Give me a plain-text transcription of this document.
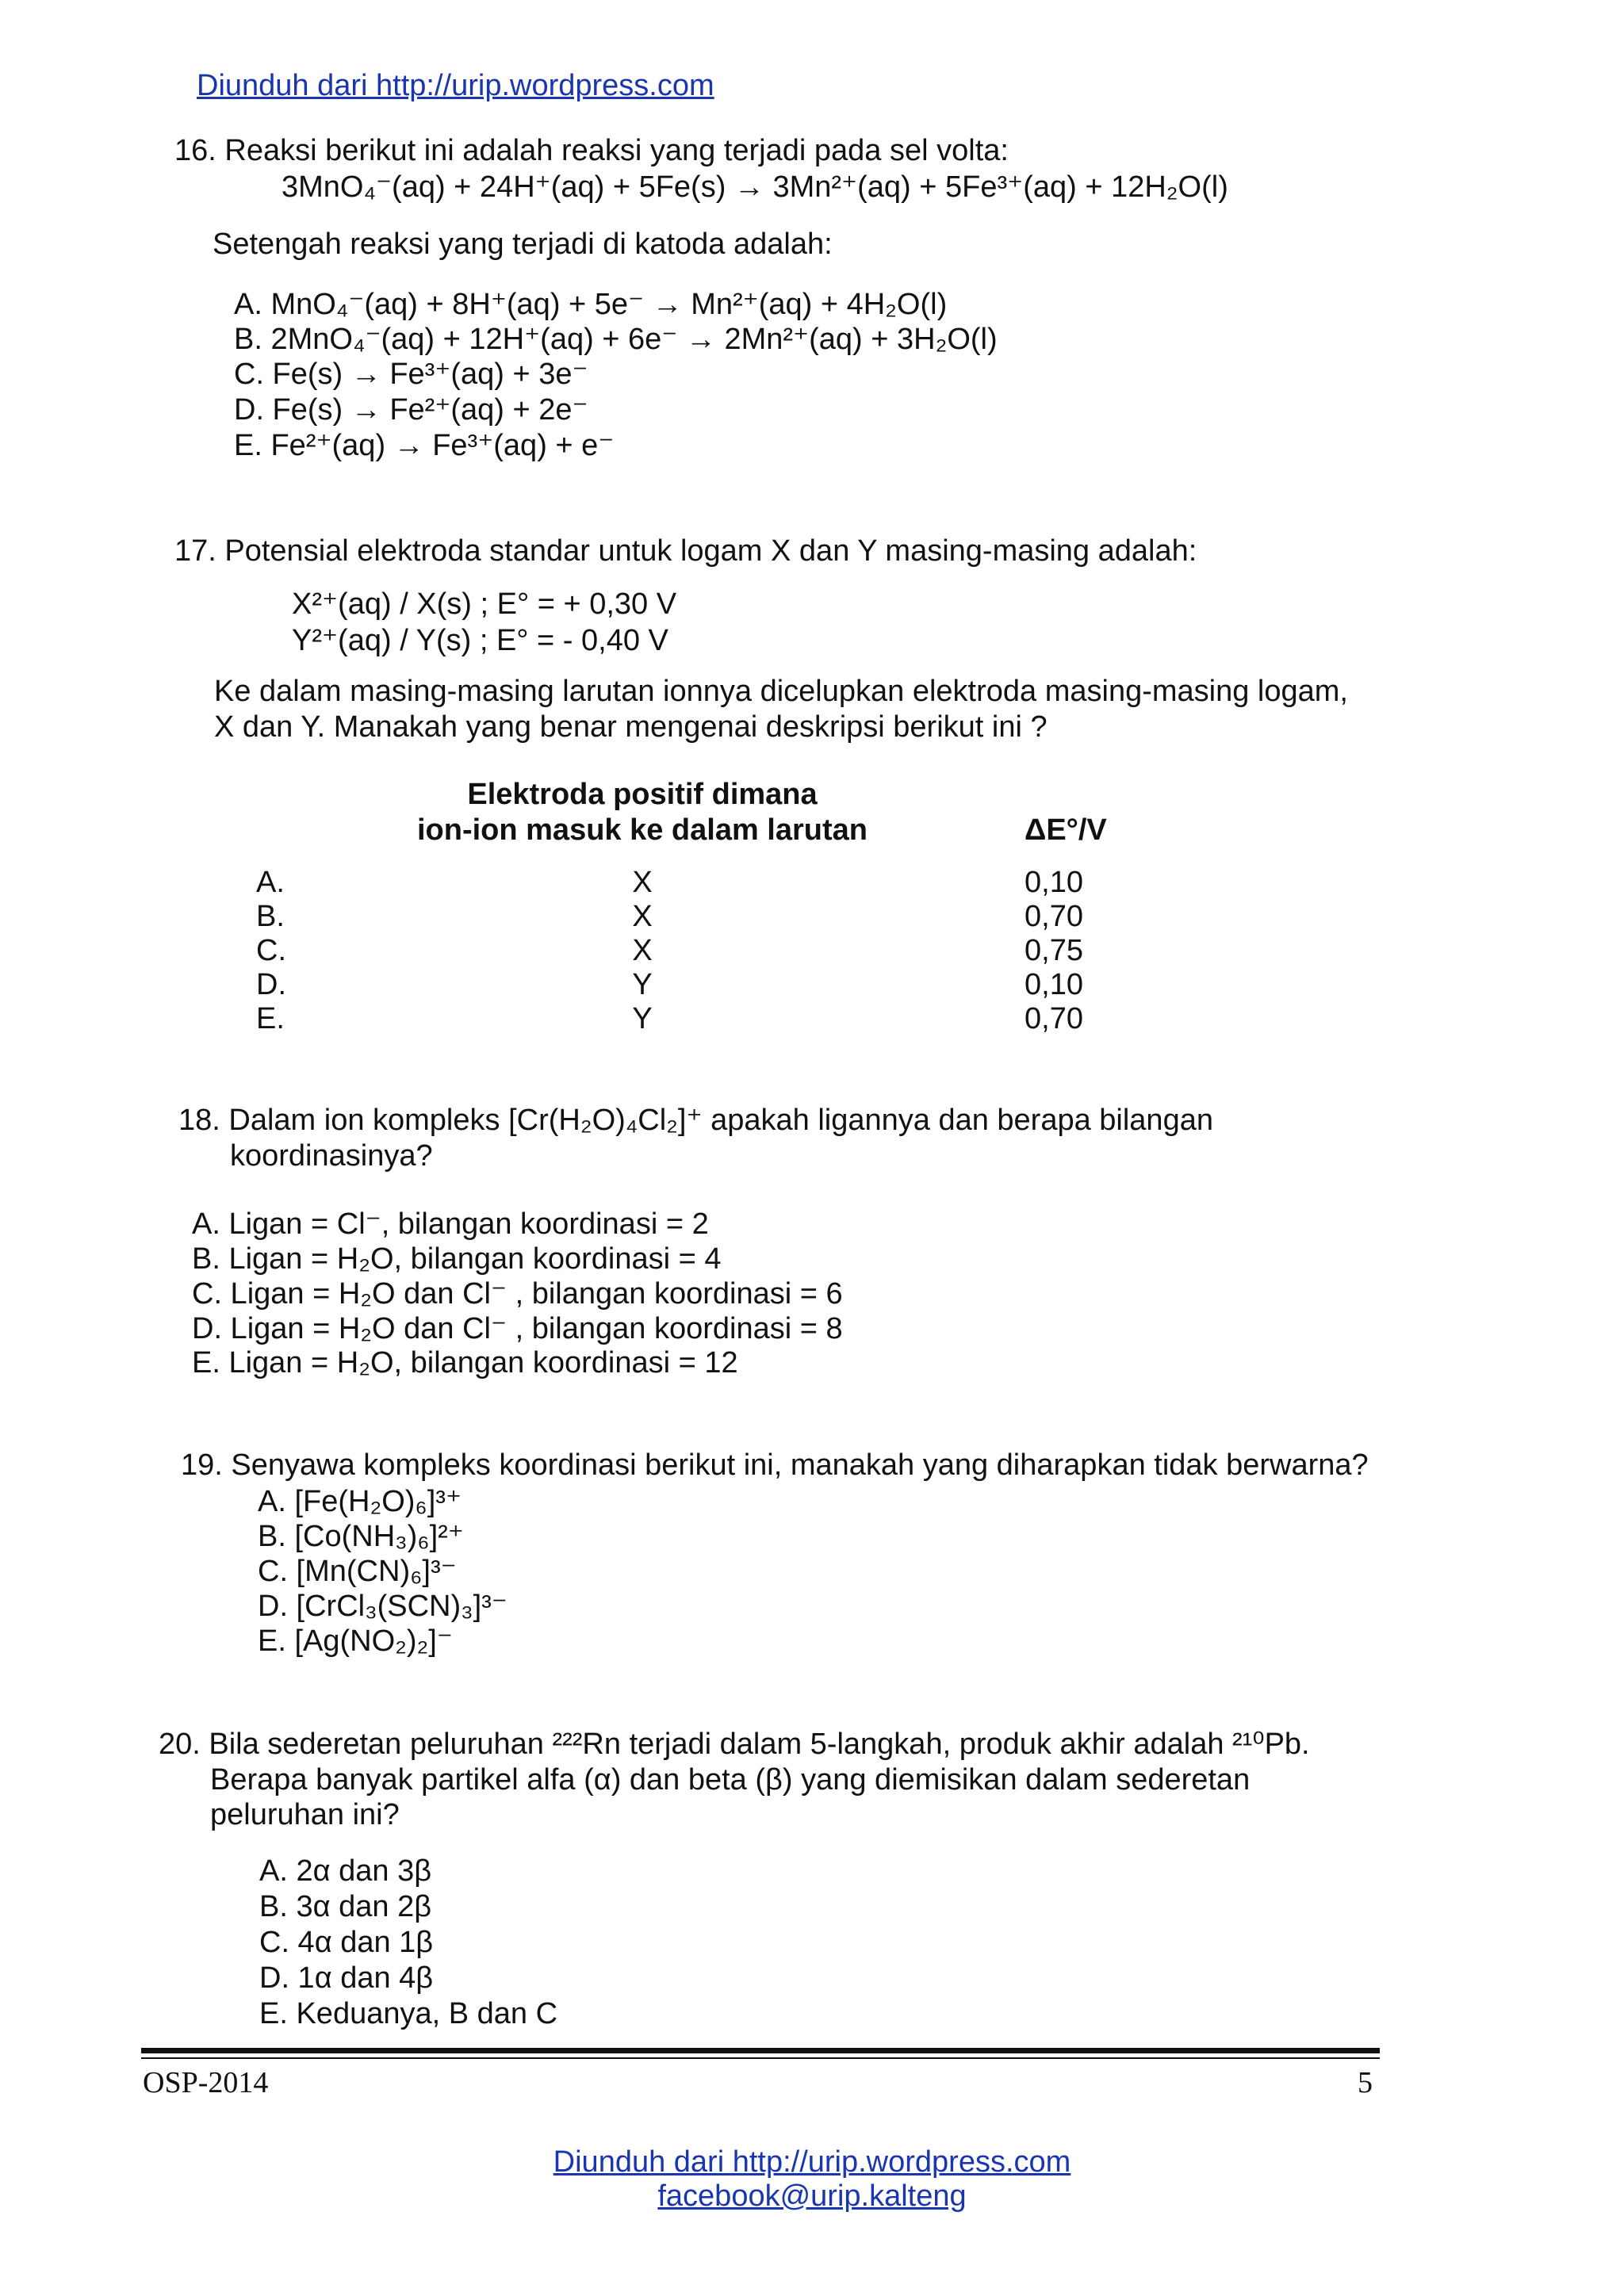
Diunduh dari http://urip.wordpress.com
16. Reaksi berikut ini adalah reaksi yang terjadi pada sel volta:
3MnO₄⁻(aq) + 24H⁺(aq) + 5Fe(s) → 3Mn²⁺(aq) + 5Fe³⁺(aq) + 12H₂O(l)
Setengah reaksi yang terjadi di katoda adalah:
A. MnO₄⁻(aq) + 8H⁺(aq) + 5e⁻ → Mn²⁺(aq) + 4H₂O(l)
B. 2MnO₄⁻(aq) + 12H⁺(aq) + 6e⁻ → 2Mn²⁺(aq) + 3H₂O(l)
C. Fe(s) → Fe³⁺(aq) + 3e⁻
D. Fe(s) → Fe²⁺(aq) + 2e⁻
E. Fe²⁺(aq) → Fe³⁺(aq) + e⁻
17. Potensial elektroda standar untuk logam X dan Y masing-masing adalah:
X²⁺(aq) / X(s) ; E° = + 0,30 V
Y²⁺(aq) / Y(s) ; E° = - 0,40 V
Ke dalam masing-masing larutan ionnya dicelupkan elektroda masing-masing logam,
X dan Y. Manakah yang benar mengenai deskripsi berikut ini ?
Elektroda positif dimana
ion-ion masuk ke dalam larutan	ΔE°/V
A.	X	0,10
B.	X	0,70
C.	X	0,75
D.	Y	0,10
E.	Y	0,70
18. Dalam ion kompleks [Cr(H₂O)₄Cl₂]⁺ apakah ligannya dan berapa bilangan
koordinasinya?
A. Ligan = Cl⁻, bilangan koordinasi = 2
B. Ligan = H₂O, bilangan koordinasi = 4
C. Ligan = H₂O dan Cl⁻ , bilangan koordinasi = 6
D. Ligan = H₂O dan Cl⁻ , bilangan koordinasi = 8
E. Ligan = H₂O, bilangan koordinasi = 12
19. Senyawa kompleks koordinasi berikut ini, manakah yang diharapkan tidak berwarna?
A. [Fe(H₂O)₆]³⁺
B. [Co(NH₃)₆]²⁺
C. [Mn(CN)₆]³⁻
D. [CrCl₃(SCN)₃]³⁻
E. [Ag(NO₂)₂]⁻
20. Bila sederetan peluruhan ²²²Rn terjadi dalam 5-langkah, produk akhir adalah ²¹⁰Pb.
Berapa banyak partikel alfa (α) dan beta (β) yang diemisikan dalam sederetan
peluruhan ini?
A. 2α dan 3β
B. 3α dan 2β
C. 4α dan 1β
D. 1α dan 4β
E. Keduanya, B dan C
OSP-2014	5
Diunduh dari http://urip.wordpress.com
facebook@urip.kalteng
